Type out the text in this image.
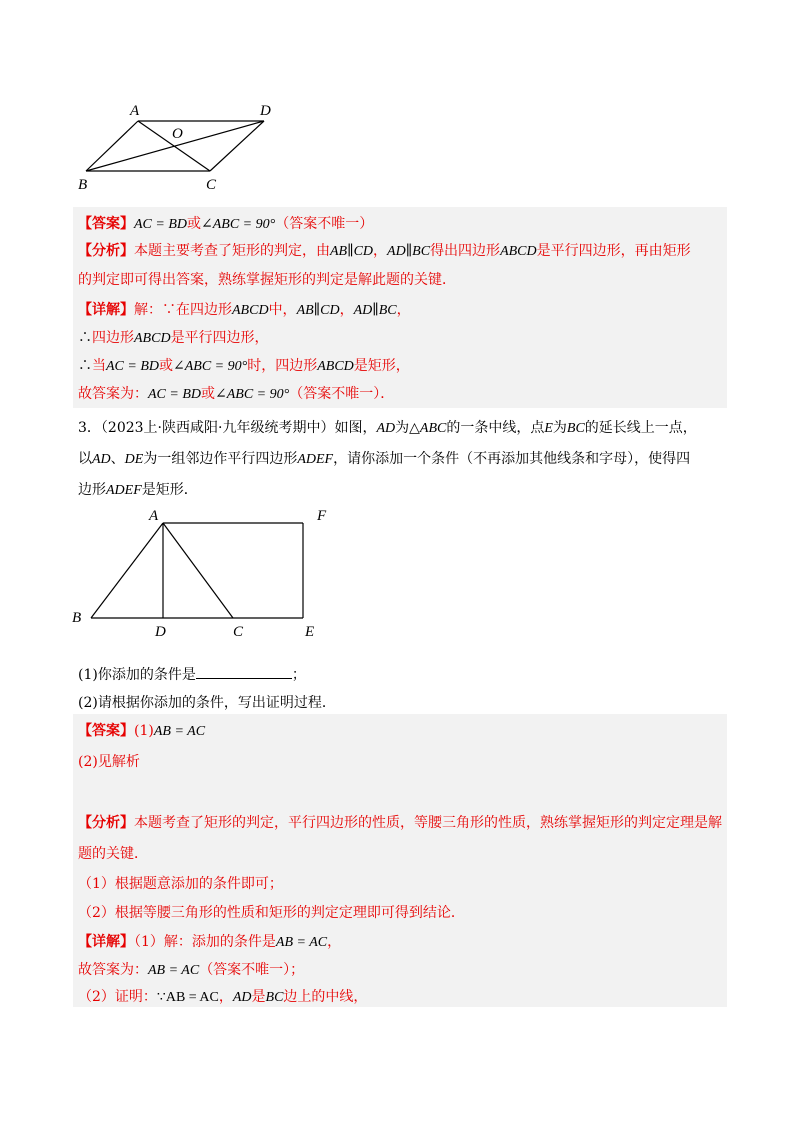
A	D
O
B	C
【答案】AC = BD或∠ABC = 90°（答案不唯一）
【分析】本题主要考查了矩形的判定，由AB∥CD，AD∥BC得出四边形ABCD是平行四边形，再由矩形
的判定即可得出答案，熟练掌握矩形的判定是解此题的关键．
【详解】解：∵在四边形ABCD中，AB∥CD，AD∥BC，
∴四边形ABCD是平行四边形，
∴当AC = BD或∠ABC = 90°时，四边形ABCD是矩形，
故答案为：AC = BD或∠ABC = 90°（答案不唯一）．
3．（2023上·陕西咸阳·九年级统考期中）如图，AD为△ABC的一条中线，点E为BC的延长线上一点，
以AD、DE为一组邻边作平行四边形ADEF，请你添加一个条件（不再添加其他线条和字母），使得四
边形ADEF是矩形．
A	F
B
D	C	E
(1)你添加的条件是	；
(2)请根据你添加的条件，写出证明过程．
【答案】(1)AB = AC
(2)见解析
【分析】本题考查了矩形的判定，平行四边形的性质，等腰三角形的性质，熟练掌握矩形的判定定理是解
题的关键．
（1）根据题意添加的条件即可；
（2）根据等腰三角形的性质和矩形的判定定理即可得到结论．
【详解】（1）解：添加的条件是AB = AC，
故答案为：AB = AC（答案不唯一）；
（2）证明：∵AB = AC，AD是BC边上的中线，
